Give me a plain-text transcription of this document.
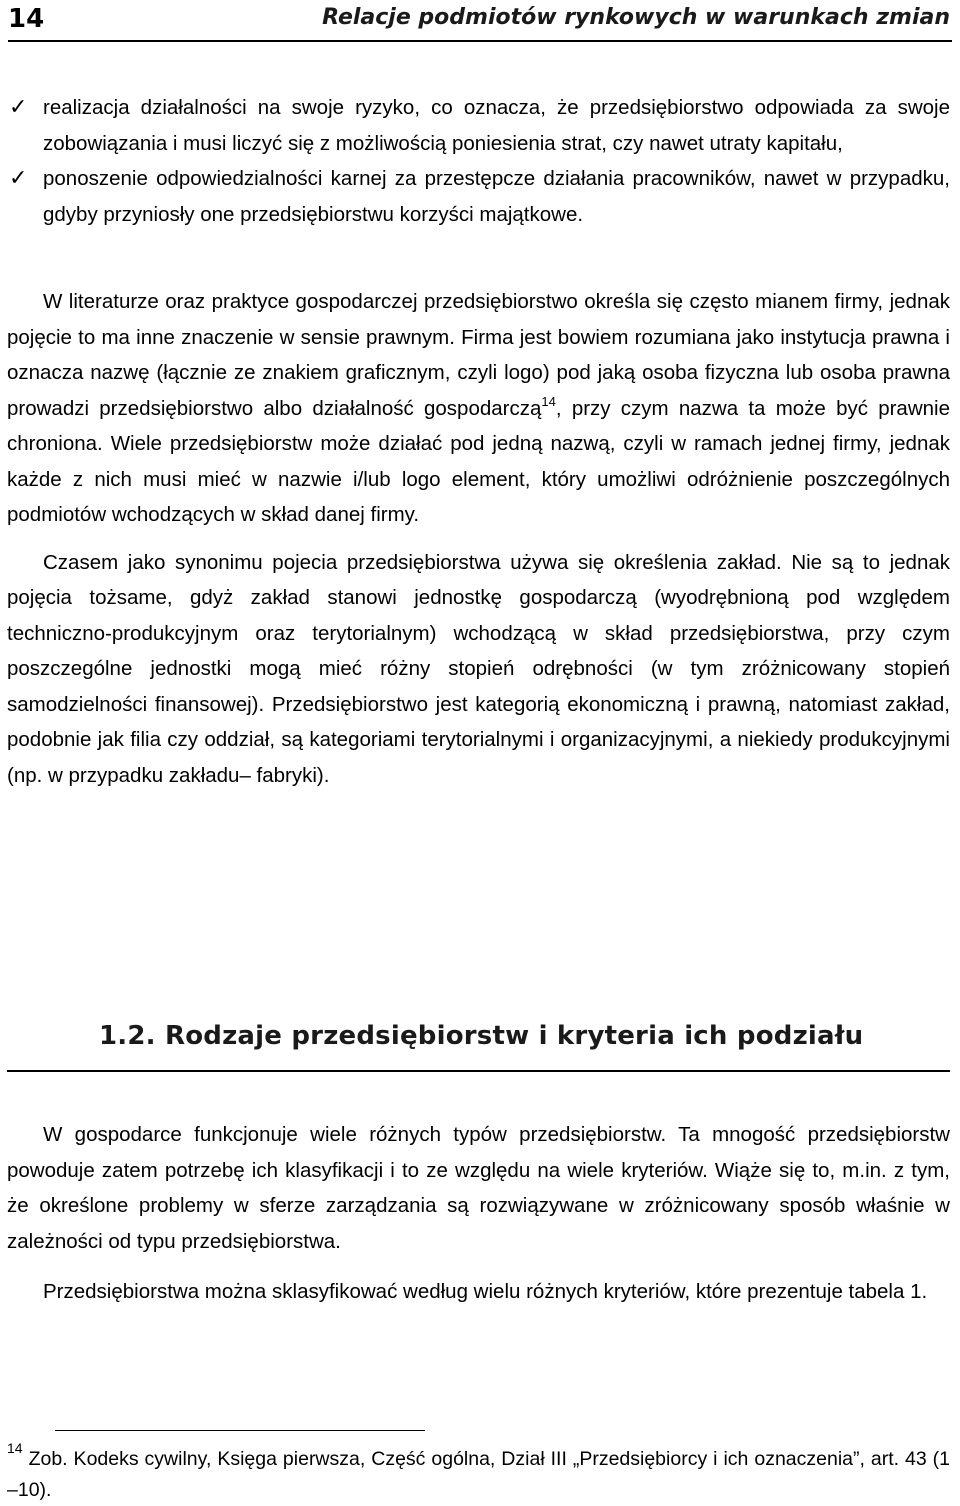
14	Relacje podmiotów rynkowych w warunkach zmian
✓ realizacja działalności na swoje ryzyko, co oznacza, że przedsiębiorstwo odpowiada za swoje zobowiązania i musi liczyć się z możliwością poniesienia strat, czy nawet utraty kapitału,
✓ ponoszenie odpowiedzialności karnej za przestępcze działania pracowników, nawet w przypadku, gdyby przyniosły one przedsiębiorstwu korzyści majątkowe.

W literaturze oraz praktyce gospodarczej przedsiębiorstwo określa się często mianem firmy, jednak pojęcie to ma inne znaczenie w sensie prawnym. Firma jest bowiem rozumiana jako instytucja prawna i oznacza nazwę (łącznie ze znakiem graficznym, czyli logo) pod jaką osoba fizyczna lub osoba prawna prowadzi przedsiębiorstwo albo działalność gospodarczą$^{14}$, przy czym nazwa ta może być prawnie chroniona. Wiele przedsiębiorstw może działać pod jedną nazwą, czyli w ramach jednej firmy, jednak każde z nich musi mieć w nazwie i/lub logo element, który umożliwi odróżnienie poszczególnych podmiotów wchodzących w skład danej firmy.

Czasem jako synonimu pojecia przedsiębiorstwa używa się określenia zakład. Nie są to jednak pojęcia tożsame, gdyż zakład stanowi jednostkę gospodarczą (wyodrębnioną pod względem techniczno-produkcyjnym oraz terytorialnym) wchodzącą w skład przedsiębiorstwa, przy czym poszczególne jednostki mogą mieć różny stopień odrębności (w tym zróżnicowany stopień samodzielności finansowej). Przedsiębiorstwo jest kategorią ekonomiczną i prawną, natomiast zakład, podobnie jak filia czy oddział, są kategoriami terytorialnymi i organizacyjnymi, a niekiedy produkcyjnymi (np. w przypadku zakładu– fabryki).

1.2. Rodzaje przedsiębiorstw i kryteria ich podziału

W gospodarce funkcjonuje wiele różnych typów przedsiębiorstw. Ta mnogość przedsiębiorstw powoduje zatem potrzebę ich klasyfikacji i to ze względu na wiele kryteriów. Wiąże się to, m.in. z tym, że określone problemy w sferze zarządzania są rozwiązywane w zróżnicowany sposób właśnie w zależności od typu przedsiębiorstwa.

Przedsiębiorstwa można sklasyfikować według wielu różnych kryteriów, które prezentuje tabela 1.

$^{14}$ Zob. Kodeks cywilny, Księga pierwsza, Część ogólna, Dział III „Przedsiębiorcy i ich oznaczenia”, art. 43 (1 –10).
